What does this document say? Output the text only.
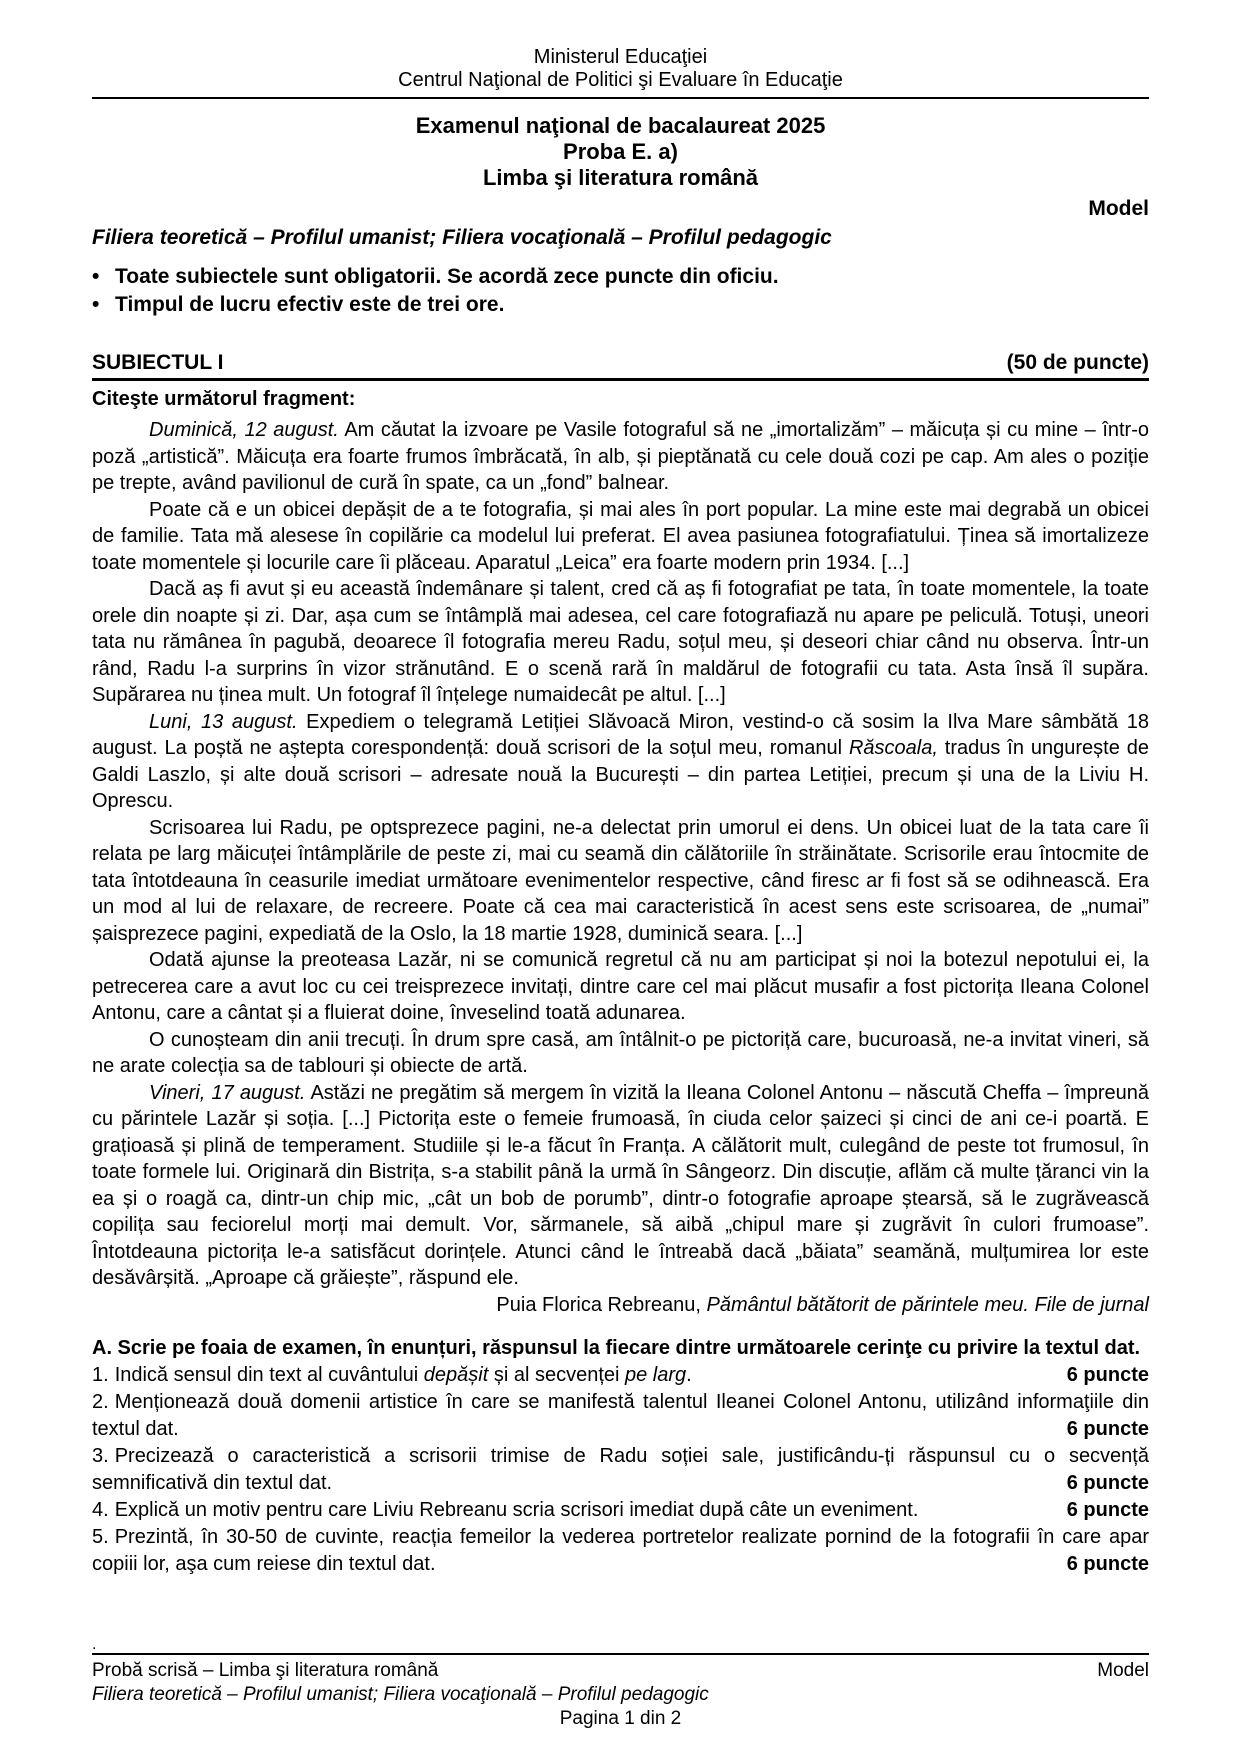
Ministerul Educaţiei
Centrul Naţional de Politici şi Evaluare în Educaţie
Examenul naţional de bacalaureat 2025
Proba E. a)
Limba şi literatura română
Model
Filiera teoretică – Profilul umanist; Filiera vocaţională – Profilul pedagogic
• Toate subiectele sunt obligatorii. Se acordă zece puncte din oficiu.
• Timpul de lucru efectiv este de trei ore.
SUBIECTUL I	(50 de puncte)
Citeşte următorul fragment:

Duminică, 12 august. Am căutat la izvoare pe Vasile fotograful să ne „imortalizăm” – măicuța și cu mine – într-o poză „artistică”. Măicuța era foarte frumos îmbrăcată, în alb, și pieptănată cu cele două cozi pe cap. Am ales o poziție pe trepte, având pavilionul de cură în spate, ca un „fond” balnear.

Poate că e un obicei depășit de a te fotografia, și mai ales în port popular. La mine este mai degrabă un obicei de familie. Tata mă alesese în copilărie ca modelul lui preferat. El avea pasiunea fotografiatului. Ținea să imortalizeze toate momentele și locurile care îi plăceau. Aparatul „Leica” era foarte modern prin 1934. [...]

Dacă aș fi avut și eu această îndemânare și talent, cred că aș fi fotografiat pe tata, în toate momentele, la toate orele din noapte și zi. Dar, așa cum se întâmplă mai adesea, cel care fotografiază nu apare pe peliculă. Totuși, uneori tata nu rămânea în pagubă, deoarece îl fotografia mereu Radu, soțul meu, și deseori chiar când nu observa. Într-un rând, Radu l-a surprins în vizor strănutând. E o scenă rară în maldărul de fotografii cu tata. Asta însă îl supăra. Supărarea nu ținea mult. Un fotograf îl înțelege numaidecât pe altul. [...]

Luni, 13 august. Expediem o telegramă Letiției Slăvoacă Miron, vestind-o că sosim la Ilva Mare sâmbătă 18 august. La poștă ne aștepta corespondență: două scrisori de la soțul meu, romanul Răscoala, tradus în ungurește de Galdi Laszlo, și alte două scrisori – adresate nouă la București – din partea Letiției, precum și una de la Liviu H. Oprescu.

Scrisoarea lui Radu, pe optsprezece pagini, ne-a delectat prin umorul ei dens. Un obicei luat de la tata care îi relata pe larg măicuței întâmplările de peste zi, mai cu seamă din călătoriile în străinătate. Scrisorile erau întocmite de tata întotdeauna în ceasurile imediat următoare evenimentelor respective, când firesc ar fi fost să se odihnească. Era un mod al lui de relaxare, de recreere. Poate că cea mai caracteristică în acest sens este scrisoarea, de „numai” șaisprezece pagini, expediată de la Oslo, la 18 martie 1928, duminică seara. [...]

Odată ajunse la preoteasa Lazăr, ni se comunică regretul că nu am participat și noi la botezul nepotului ei, la petrecerea care a avut loc cu cei treisprezece invitați, dintre care cel mai plăcut musafir a fost pictorița Ileana Colonel Antonu, care a cântat și a fluierat doine, înveselind toată adunarea.

O cunoșteam din anii trecuți. În drum spre casă, am întâlnit-o pe pictoriță care, bucuroasă, ne-a invitat vineri, să ne arate colecția sa de tablouri și obiecte de artă.

Vineri, 17 august. Astăzi ne pregătim să mergem în vizită la Ileana Colonel Antonu – născută Cheffa – împreună cu părintele Lazăr și soția. [...] Pictorița este o femeie frumoasă, în ciuda celor șaizeci și cinci de ani ce-i poartă. E grațioasă și plină de temperament. Studiile și le-a făcut în Franța. A călătorit mult, culegând de peste tot frumosul, în toate formele lui. Originară din Bistrița, s-a stabilit până la urmă în Sângeorz. Din discuție, aflăm că multe țăranci vin la ea și o roagă ca, dintr-un chip mic, „cât un bob de porumb”, dintr-o fotografie aproape ștearsă, să le zugrăvească copilița sau feciorelul morți mai demult. Vor, sărmanele, să aibă „chipul mare și zugrăvit în culori frumoase”. Întotdeauna pictorița le-a satisfăcut dorințele. Atunci când le întreabă dacă „băiata” seamănă, mulțumirea lor este desăvârșită. „Aproape că grăiește”, răspund ele.

Puia Florica Rebreanu, Pământul bătătorit de părintele meu. File de jurnal
A. Scrie pe foaia de examen, în enunțuri, răspunsul la fiecare dintre următoarele cerinţe cu privire la textul dat.

1. Indică sensul din text al cuvântului depășit și al secvenței pe larg.	6 puncte

2. Menționează două domenii artistice în care se manifestă talentul Ileanei Colonel Antonu, utilizând informaţiile din textul dat.	6 puncte

3. Precizează o caracteristică a scrisorii trimise de Radu soției sale, justificându-ți răspunsul cu o secvență semnificativă din textul dat.	6 puncte

4. Explică un motiv pentru care Liviu Rebreanu scria scrisori imediat după câte un eveniment.	6 puncte

5. Prezintă, în 30-50 de cuvinte, reacția femeilor la vederea portretelor realizate pornind de la fotografii în care apar copiii lor, aşa cum reiese din textul dat.	6 puncte

.
Probă scrisă – Limba şi literatura română	Model
Filiera teoretică – Profilul umanist; Filiera vocaţională – Profilul pedagogic
Pagina 1 din 2
